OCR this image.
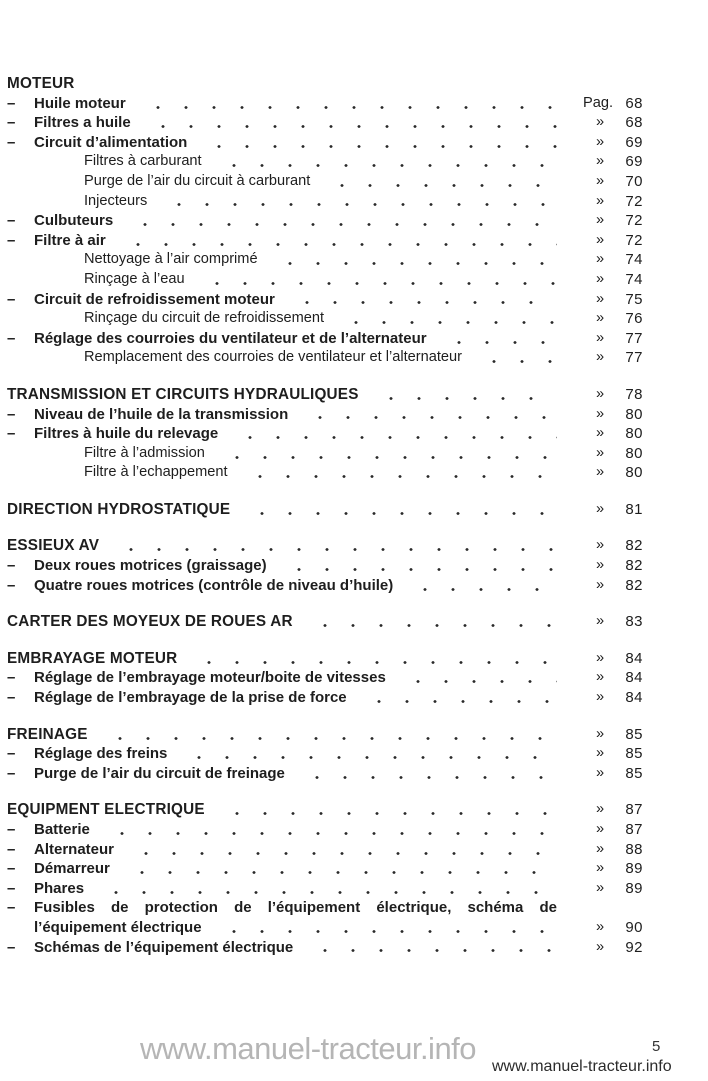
MOTEUR
–	Huile moteur	Pag. 68
–	Filtres a huile	»	68
–	Circuit d’alimentation	»	69
Filtres à carburant	»	69
Purge de l’air du circuit à carburant	»	70
Injecteurs	»	72
–	Culbuteurs	»	72
–	Filtre à air	»	72
Nettoyage à l’air comprimé	»	74
Rinçage à l’eau	»	74
–	Circuit de refroidissement moteur	»	75
Rinçage du circuit de refroidissement	»	76
–	Réglage des courroies du ventilateur et de l’alternateur	»	77
Remplacement des courroies de ventilateur et l’alternateur	»	77
TRANSMISSION ET CIRCUITS HYDRAULIQUES	»	78
–	Niveau de l’huile de la transmission	»	80
–	Filtres à huile du relevage	»	80
Filtre à l’admission	»	80
Filtre à l’echappement	»	80
DIRECTION HYDROSTATIQUE	»	81
ESSIEUX AV	»	82
–	Deux roues motrices (graissage)	»	82
–	Quatre roues motrices (contrôle de niveau d’huile)	»	82
CARTER DES MOYEUX DE ROUES AR	»	83
EMBRAYAGE MOTEUR	»	84
–	Réglage de l’embrayage moteur/boite de vitesses	»	84
–	Réglage de l’embrayage de la prise de force	»	84
FREINAGE	»	85
–	Réglage des freins	»	85
–	Purge de l’air du circuit de freinage	»	85
EQUIPMENT ELECTRIQUE	»	87
–	Batterie	»	87
–	Alternateur	»	88
–	Démarreur	»	89
–	Phares	»	89
–	Fusibles de protection de l’équipement électrique, schéma de
l’équipement électrique	»	90
–	Schémas de l’équipement électrique	»	92
www.manuel-tracteur.info	5
www.manuel-tracteur.info
